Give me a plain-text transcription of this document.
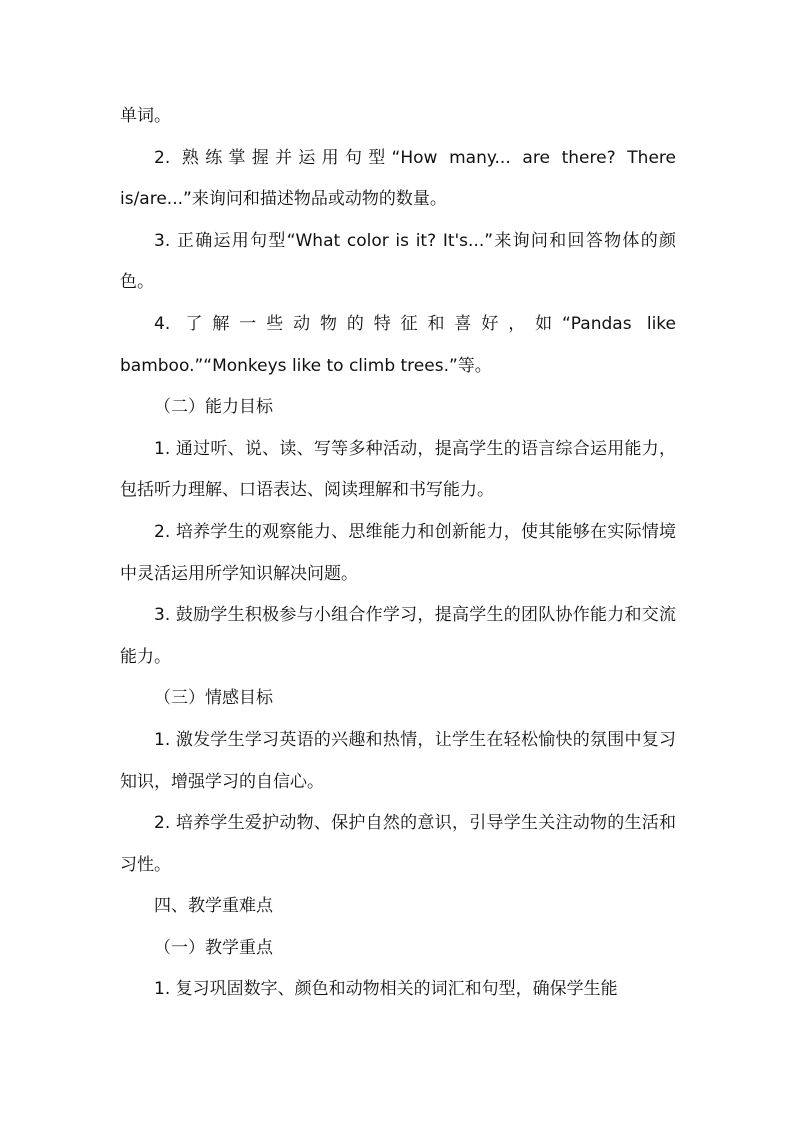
单词。

2. 熟练掌握并运用句型“How many... are there? There is/are...”来询问和描述物品或动物的数量。

3. 正确运用句型“What color is it? It's...”来询问和回答物体的颜色。

4. 了解一些动物的特征和喜好，如“Pandas like bamboo.”“Monkeys like to climb trees.”等。

（二）能力目标

1. 通过听、说、读、写等多种活动，提高学生的语言综合运用能力，包括听力理解、口语表达、阅读理解和书写能力。

2. 培养学生的观察能力、思维能力和创新能力，使其能够在实际情境中灵活运用所学知识解决问题。

3. 鼓励学生积极参与小组合作学习，提高学生的团队协作能力和交流能力。

（三）情感目标

1. 激发学生学习英语的兴趣和热情，让学生在轻松愉快的氛围中复习知识，增强学习的自信心。

2. 培养学生爱护动物、保护自然的意识，引导学生关注动物的生活和习性。

四、教学重难点

（一）教学重点

1. 复习巩固数字、颜色和动物相关的词汇和句型，确保学生能
